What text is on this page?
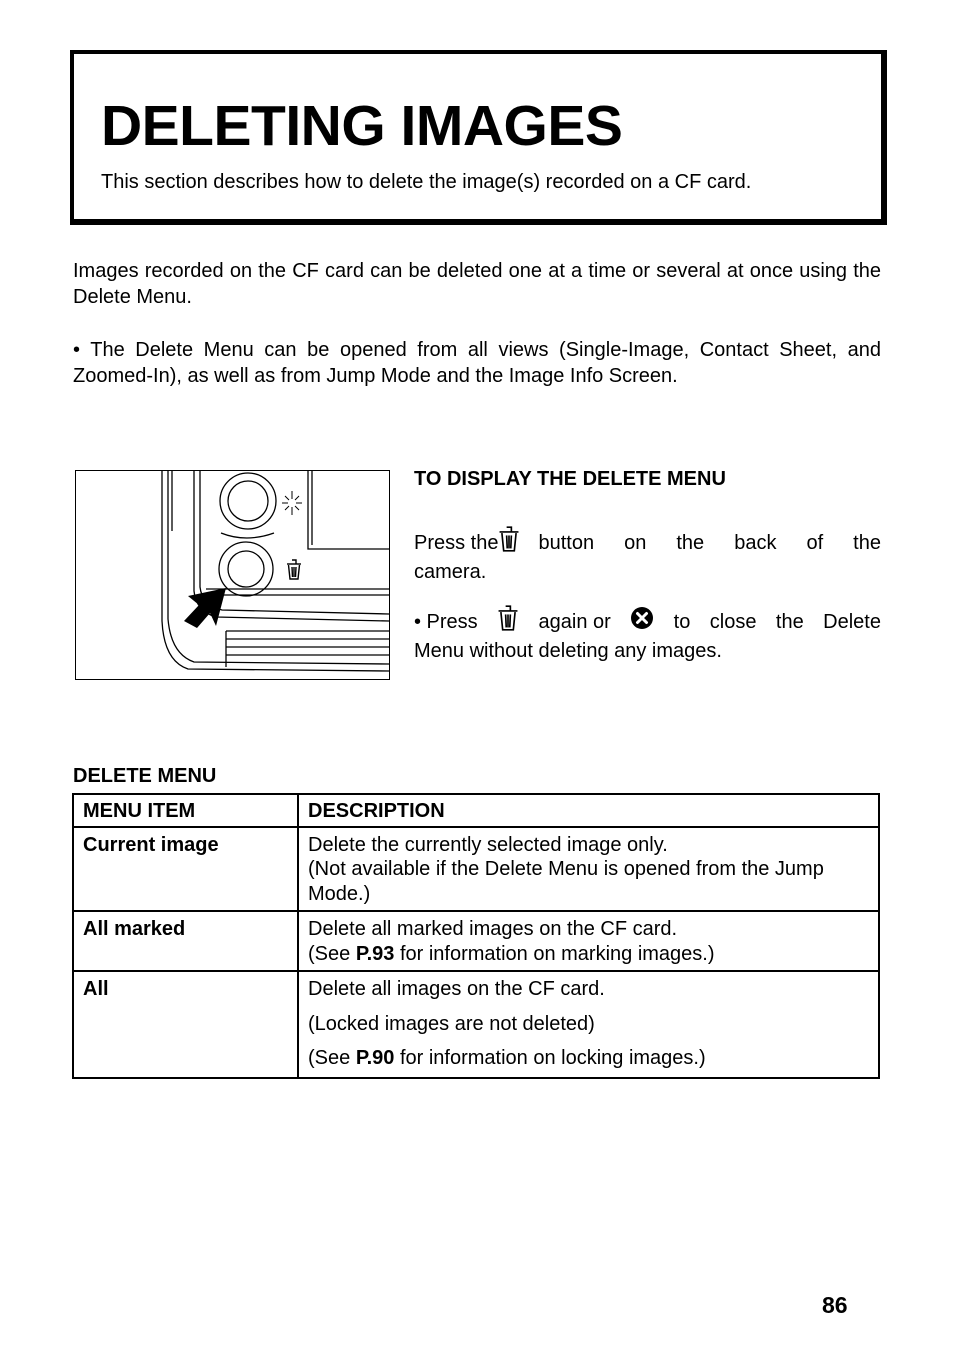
DELETING IMAGES

This section describes how to delete the image(s) recorded on a CF card.

Images recorded on the CF card can be deleted one at a time or several at once using the Delete Menu.

• The Delete Menu can be opened from all views (Single-Image, Contact Sheet, and Zoomed-In), as well as from Jump Mode and the Image Info Screen.

TO DISPLAY THE DELETE MENU

Press the button on the back of the
camera.

• Press	again or	to close the Delete
Menu without deleting any images.

DELETE MENU

MENU ITEM	DESCRIPTION
Current image	Delete the currently selected image only.
(Not available if the Delete Menu is opened from the Jump Mode.)

All marked	Delete all marked images on the CF card.
(See P.93 for information on marking images.)

All	Delete all images on the CF card.
(Locked images are not deleted)
(See P.90 for information on locking images.)

86
